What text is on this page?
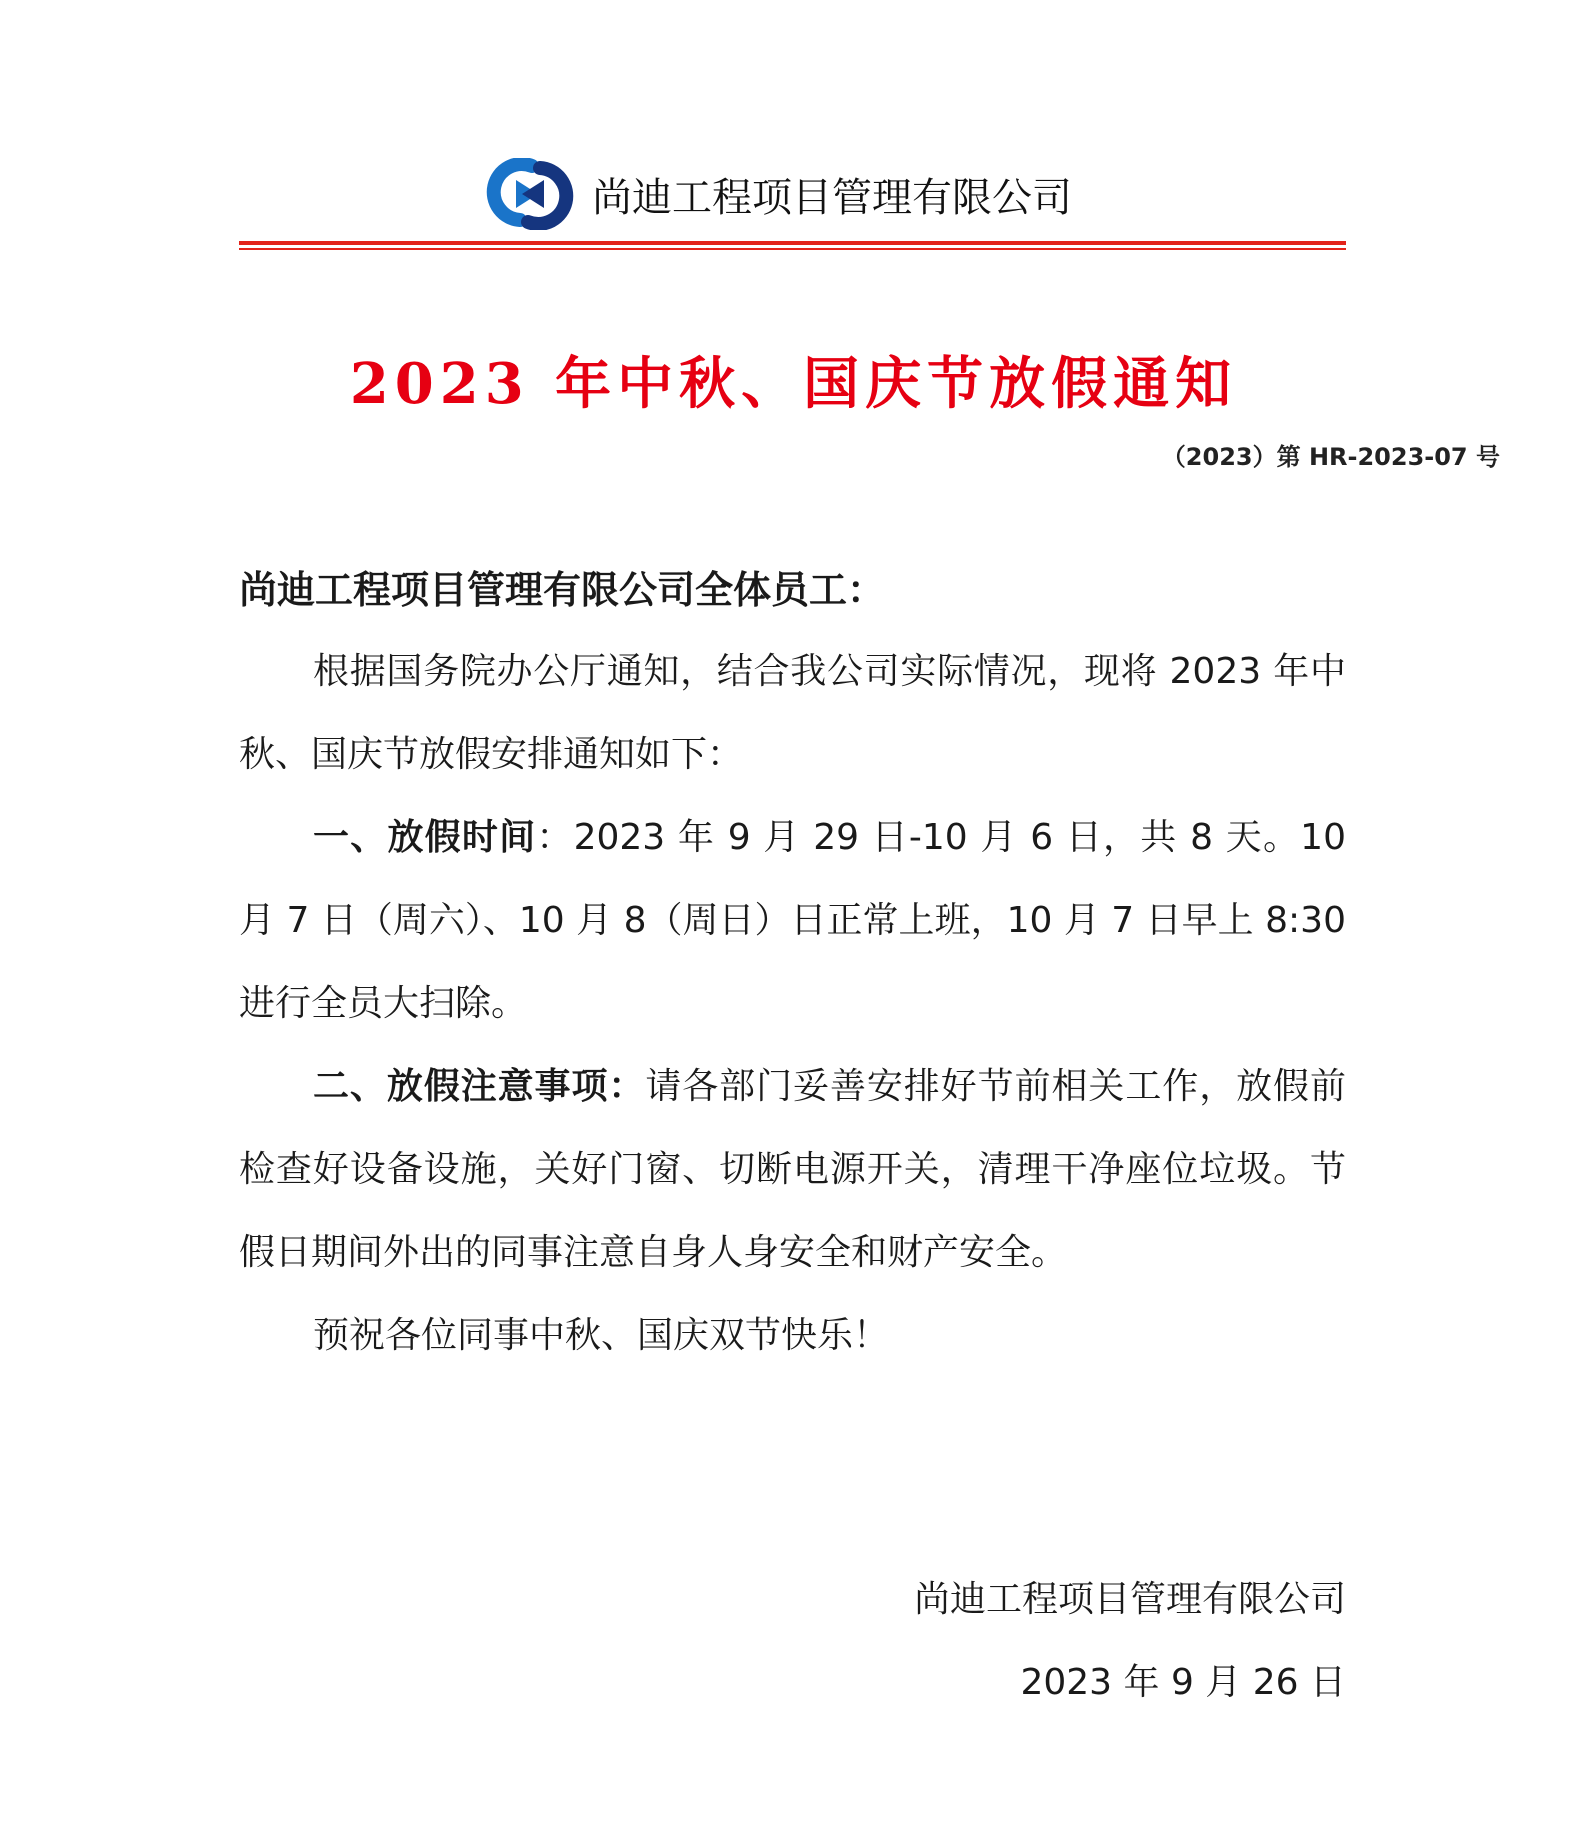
尚迪工程项目管理有限公司
2023 年中秋、国庆节放假通知
（2023）第 HR-2023-07 号

尚迪工程项目管理有限公司全体员工：

根据国务院办公厅通知，结合我公司实际情况，现将 2023 年中秋、国庆节放假安排通知如下：

一、放假时间：2023 年 9 月 29 日-10 月 6 日，共 8 天。10 月 7 日（周六）、10 月 8（周日）日正常上班，10 月 7 日早上 8:30 进行全员大扫除。

二、放假注意事项：请各部门妥善安排好节前相关工作，放假前检查好设备设施，关好门窗、切断电源开关，清理干净座位垃圾。节假日期间外出的同事注意自身人身安全和财产安全。

预祝各位同事中秋、国庆双节快乐！

尚迪工程项目管理有限公司

2023 年 9 月 26 日
